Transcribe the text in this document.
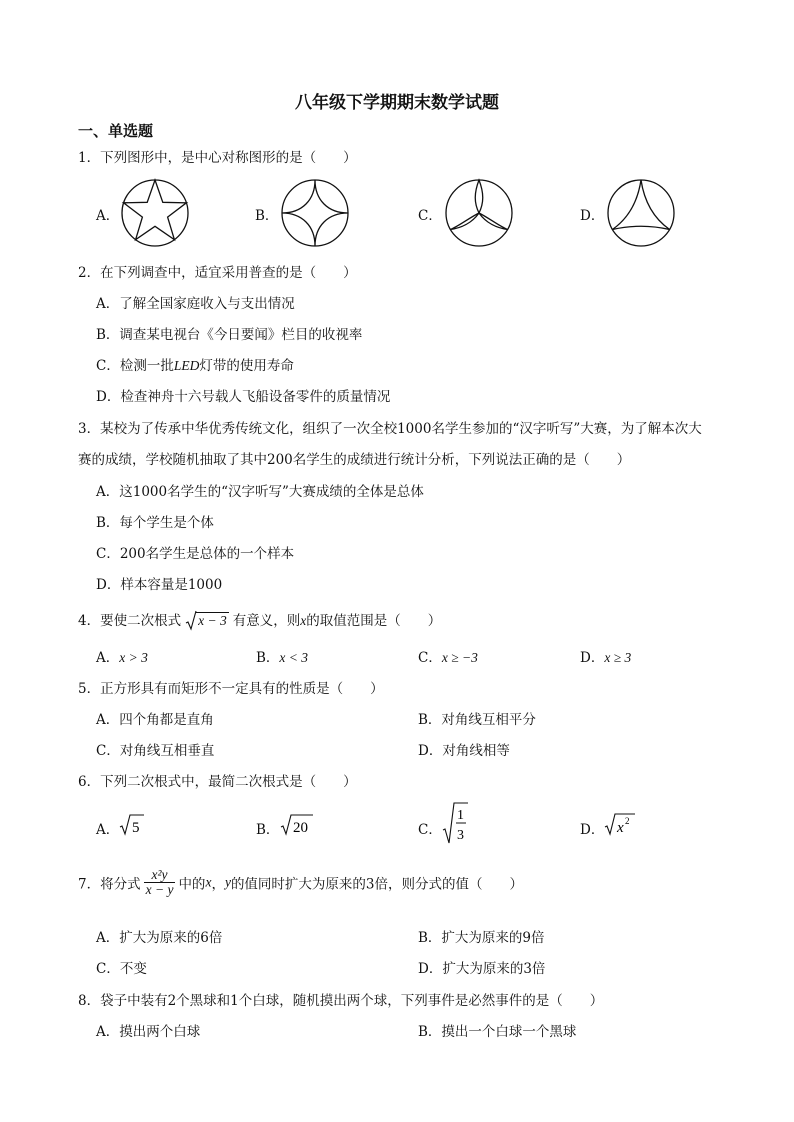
八年级下学期期末数学试题
一、单选题
1．下列图形中，是中心对称图形的是（　　）
A．	B．	C．	D．
2．在下列调查中，适宜采用普查的是（　　）
A．了解全国家庭收入与支出情况
B．调查某电视台《今日要闻》栏目的收视率
C．检测一批LED灯带的使用寿命
D．检查神舟十六号载人飞船设备零件的质量情况
3．某校为了传承中华优秀传统文化，组织了一次全校1000名学生参加的“汉字听写”大赛，为了解本次大
赛的成绩，学校随机抽取了其中200名学生的成绩进行统计分析，下列说法正确的是（　　）
A．这1000名学生的“汉字听写”大赛成绩的全体是总体
B．每个学生是个体
C．200名学生是总体的一个样本
D．样本容量是1000
4．要使二次根式 x − 3 有意义，则x的取值范围是（　　）
A．x > 3	B．x < 3	C．x ≥ −3	D．x ≥ 3
5．正方形具有而矩形不一定具有的性质是（　　）
A．四个角都是直角	B．对角线互相平分
C．对角线互相垂直	D．对角线相等
6．下列二次根式中，最简二次根式是（　　）
A． 5	B． 20	C．
1
3	D． x 2
7．将分式 $\frac{\text{x²y}}{x - y}$ 中的x，y的值同时扩大为原来的3倍，则分式的值（　　）
A．扩大为原来的6倍	B．扩大为原来的9倍
C．不变	D．扩大为原来的3倍
8．袋子中装有2个黑球和1个白球，随机摸出两个球，下列事件是必然事件的是（　　）
A．摸出两个白球	B．摸出一个白球一个黑球
